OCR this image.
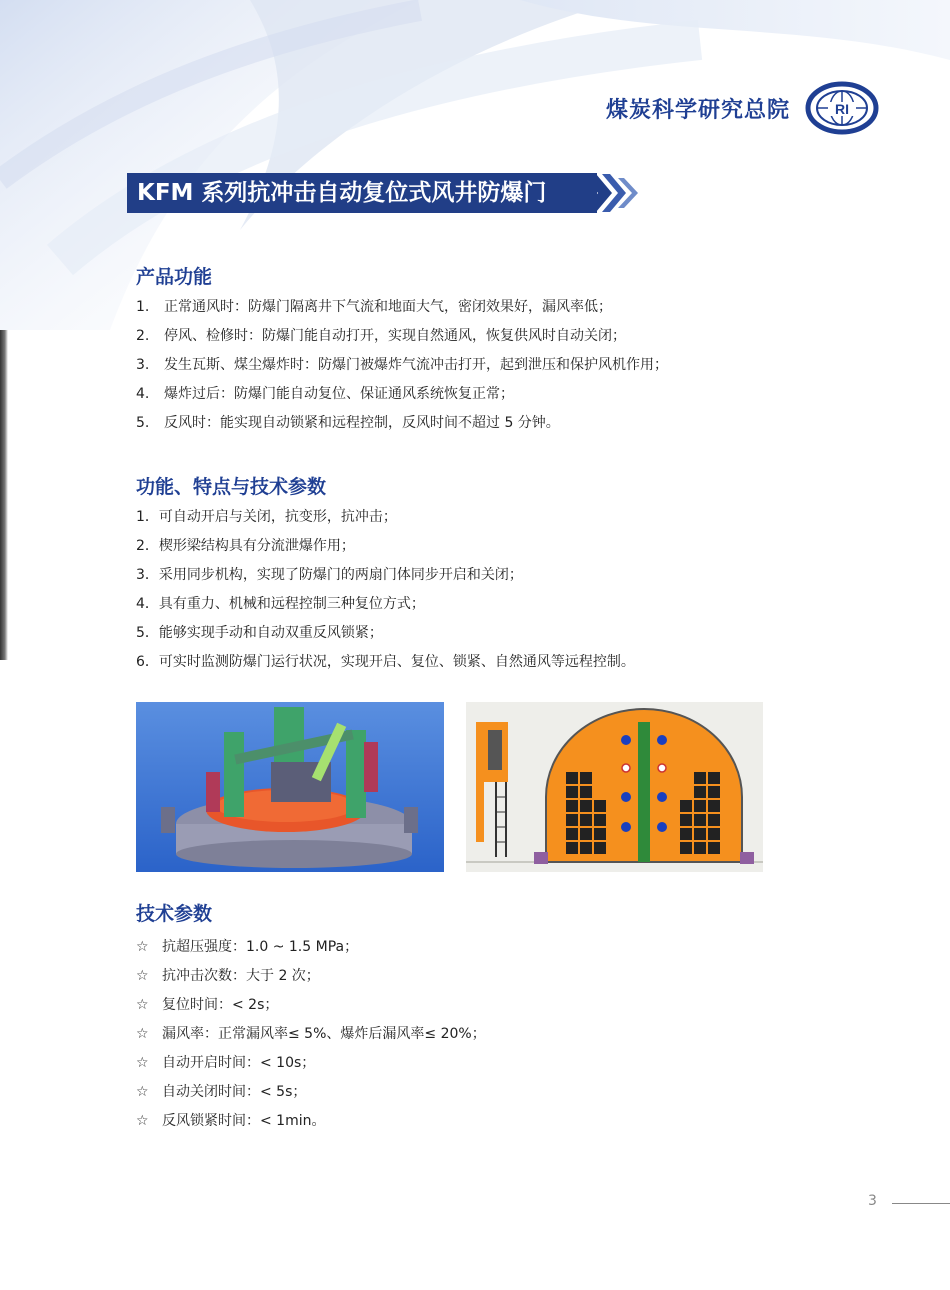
煤炭科学研究总院	RI
KFM 系列抗冲击自动复位式风井防爆门
产品功能
1. 正常通风时：防爆门隔离井下气流和地面大气，密闭效果好，漏风率低；
2. 停风、检修时：防爆门能自动打开，实现自然通风，恢复供风时自动关闭；
3. 发生瓦斯、煤尘爆炸时：防爆门被爆炸气流冲击打开，起到泄压和保护风机作用；
4. 爆炸过后：防爆门能自动复位、保证通风系统恢复正常；
5. 反风时：能实现自动锁紧和远程控制，反风时间不超过 5 分钟。
功能、特点与技术参数
1．可自动开启与关闭，抗变形，抗冲击；
2．楔形梁结构具有分流泄爆作用；
3．采用同步机构，实现了防爆门的两扇门体同步开启和关闭；
4．具有重力、机械和远程控制三种复位方式；
5．能够实现手动和自动双重反风锁紧；
6．可实时监测防爆门运行状况，实现开启、复位、锁紧、自然通风等远程控制。
技术参数
☆ 抗超压强度：1.0 ~ 1.5 MPa；
☆ 抗冲击次数：大于 2 次；
☆ 复位时间：< 2s；
☆ 漏风率：正常漏风率≤ 5%、爆炸后漏风率≤ 20%；
☆ 自动开启时间：< 10s；
☆ 自动关闭时间：< 5s；
☆ 反风锁紧时间：< 1min。
3
